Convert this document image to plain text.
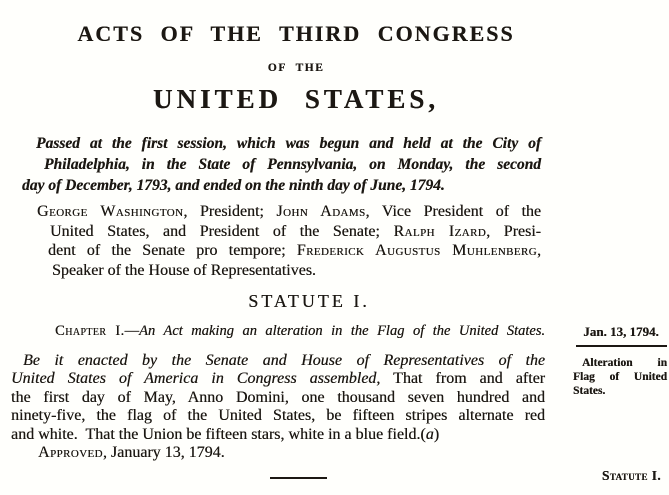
ACTS OF THE THIRD CONGRESS
OF THE
UNITED STATES,
Passed at the first session, which was begun and held at the City of
Philadelphia, in the State of Pennsylvania, on Monday, the second
day of December, 1793, and ended on the ninth day of June, 1794.
George Washington, President; John Adams, Vice President of the
United States, and President of the Senate; Ralph Izard, Presi-
dent of the Senate pro tempore; Frederick Augustus Muhlenberg,
Speaker of the House of Representatives.
STATUTE I.
Chapter I.—An Act making an alteration in the Flag of the United States.	Jan. 13, 1794.
Alteration in
Flag of United
States.
Be it enacted by the Senate and House of Representatives of the
United States of America in Congress assembled, That from and after
the first day of May, Anno Domini, one thousand seven hundred and
ninety-five, the flag of the United States, be fifteen stripes alternate red
and white.  That the Union be fifteen stars, white in a blue field.(a)
Approved, January 13, 1794.
Statute I.
